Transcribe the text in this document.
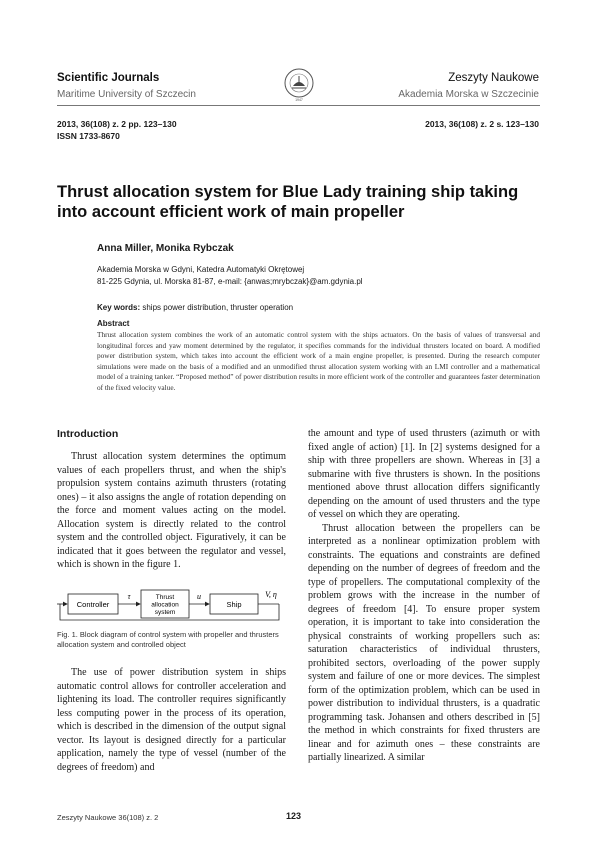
Scientific Journals
Maritime University of Szczecin
Zeszyty Naukowe
Akademia Morska w Szczecinie
1947
2013, 36(108) z. 2 pp. 123–130
ISSN 1733-8670
2013, 36(108) z. 2 s. 123–130
Thrust allocation system for Blue Lady training ship taking
into account efficient work of main propeller
Anna Miller, Monika Rybczak
Akademia Morska w Gdyni, Katedra Automatyki Okrętowej
81-225 Gdynia, ul. Morska 81-87, e-mail: {anwas;mrybczak}@am.gdynia.pl
Key words: ships power distribution, thruster operation
Abstract
Thrust allocation system combines the work of an automatic control system with the ships actuators. On the basis of values of transversal and longitudinal forces and yaw moment determined by the regulator, it specifies commands for the individual thrusters located on board. A modified power distribution system, which takes into account the efficient work of a main engine propeller, is presented. During the research computer simulations were made on the basis of a modified and an unmodified thrust allocation system working with an LMI controller and a mathematical model of a training tanker. “Proposed method” of power distribution results in more efficient work of the controller and guarantees faster determination of the fixed velocity value.
Introduction

Thrust allocation system determines the optimum values of each propellers thrust, and when the ship's propulsion system contains azimuth thrusters (rotating ones) – it also assigns the angle of rotation depending on the force and moment values acting on the model. Allocation system is directly related to the control system and the controlled object. Figuratively, it can be indicated that it goes between the regulator and vessel, which is shown in the figure 1.

Controller
τ	Thrust
allocation
system
u
Ship
V, η
Fig. 1. Block diagram of control system with propeller and thrusters allocation system and controlled object

The use of power distribution system in ships automatic control allows for controller acceleration and lightening its load. The controller requires significantly less computing power in the process of its operation, which is described in the dimension of the output signal vector. Its layout is designed directly for a particular application, namely the type of vessel (number of the degrees of freedom) and

the amount and type of used thrusters (azimuth or with fixed angle of action) [1]. In [2] systems designed for a ship with three propellers are shown. Whereas in [3] a submarine with five thrusters is shown. In the positions mentioned above thrust allocation differs significantly depending on the amount of used thrusters and the type of vessel on which they are operating.

Thrust allocation between the propellers can be interpreted as a nonlinear optimization problem with constraints. The equations and constraints are defined depending on the number of degrees of freedom and the type of propellers. The computational complexity of the problem grows with the increase in the number of degrees of freedom [4]. To ensure proper system operation, it is important to take into consideration the physical constraints of working propellers such as: saturation characteristics of individual thrusters, prohibited sectors, overloading of the power supply system and failure of one or more devices. The simplest form of the optimization problem, which can be used in power distribution to individual thrusters, is a quadratic programming task. Johansen and others described in [5] the method in which constraints for fixed thrusters are linear and for azimuth ones – these constraints are partially linearized. A similar

Zeszyty Naukowe 36(108) z. 2	123
